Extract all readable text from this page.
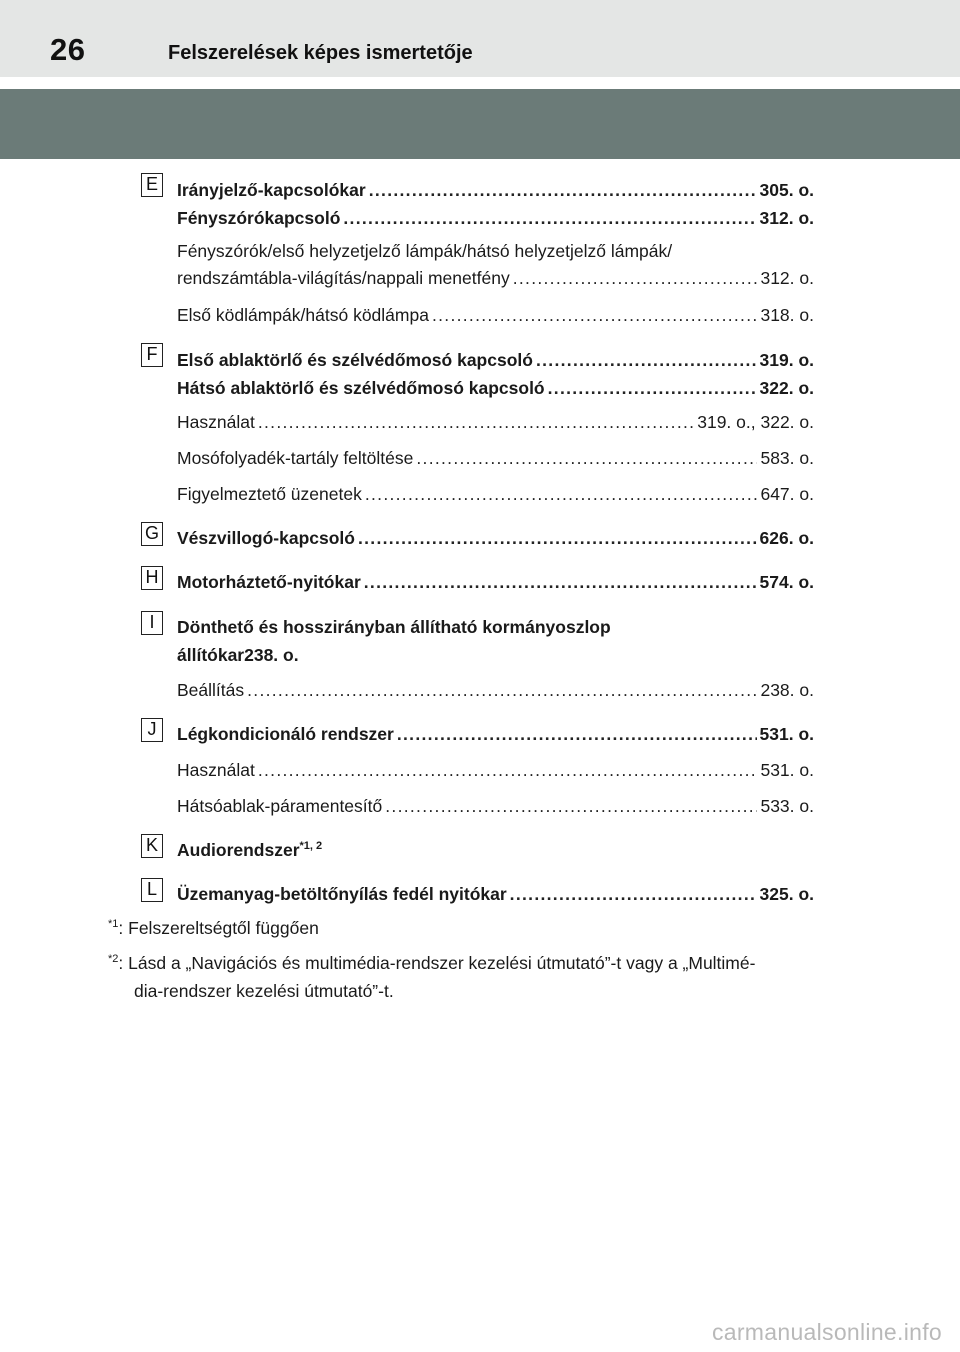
26	Felszerelések képes ismertetője
E Irányjelző-kapcsolókar .....	305. o.
Fényszórókapcsoló .....	312. o.
Fényszórók/első helyzetjelző lámpák/hátsó helyzetjelző lámpák/
rendszámtábla-világítás/nappali menetfény .....	312. o.
Első ködlámpák/hátsó ködlámpa .....	318. o.
F	Első ablaktörlő és szélvédőmosó kapcsoló .....	319. o.
Hátsó ablaktörlő és szélvédőmosó kapcsoló .....	322. o.
Használat .....	319. o., 322. o.
Mosófolyadék-tartály feltöltése .....	583. o.
Figyelmeztető üzenetek .....	647. o.
G Vészvillogó-kapcsoló .....	626. o.
H Motorháztető-nyitókar .....	574. o.
I	Dönthető és hosszirányban állítható kormányoszlop
állítókar238. o.
Beállítás .....	238. o.
J	Légkondicionáló rendszer .....	531. o.
Használat .....	531. o.
Hátsóablak-páramentesítő .....	533. o.
K Audiorendszer$^{*1, 2}$
L	Üzemanyag-betöltőnyílás fedél nyitókar .....	325. o.
$^{*1}$: Felszereltségtől függően
$^{*2}$: Lásd a „Navigációs és multimédia-rendszer kezelési útmutató”-t vagy a „Multimé-
dia-rendszer kezelési útmutató”-t.
carmanualsonline.info
